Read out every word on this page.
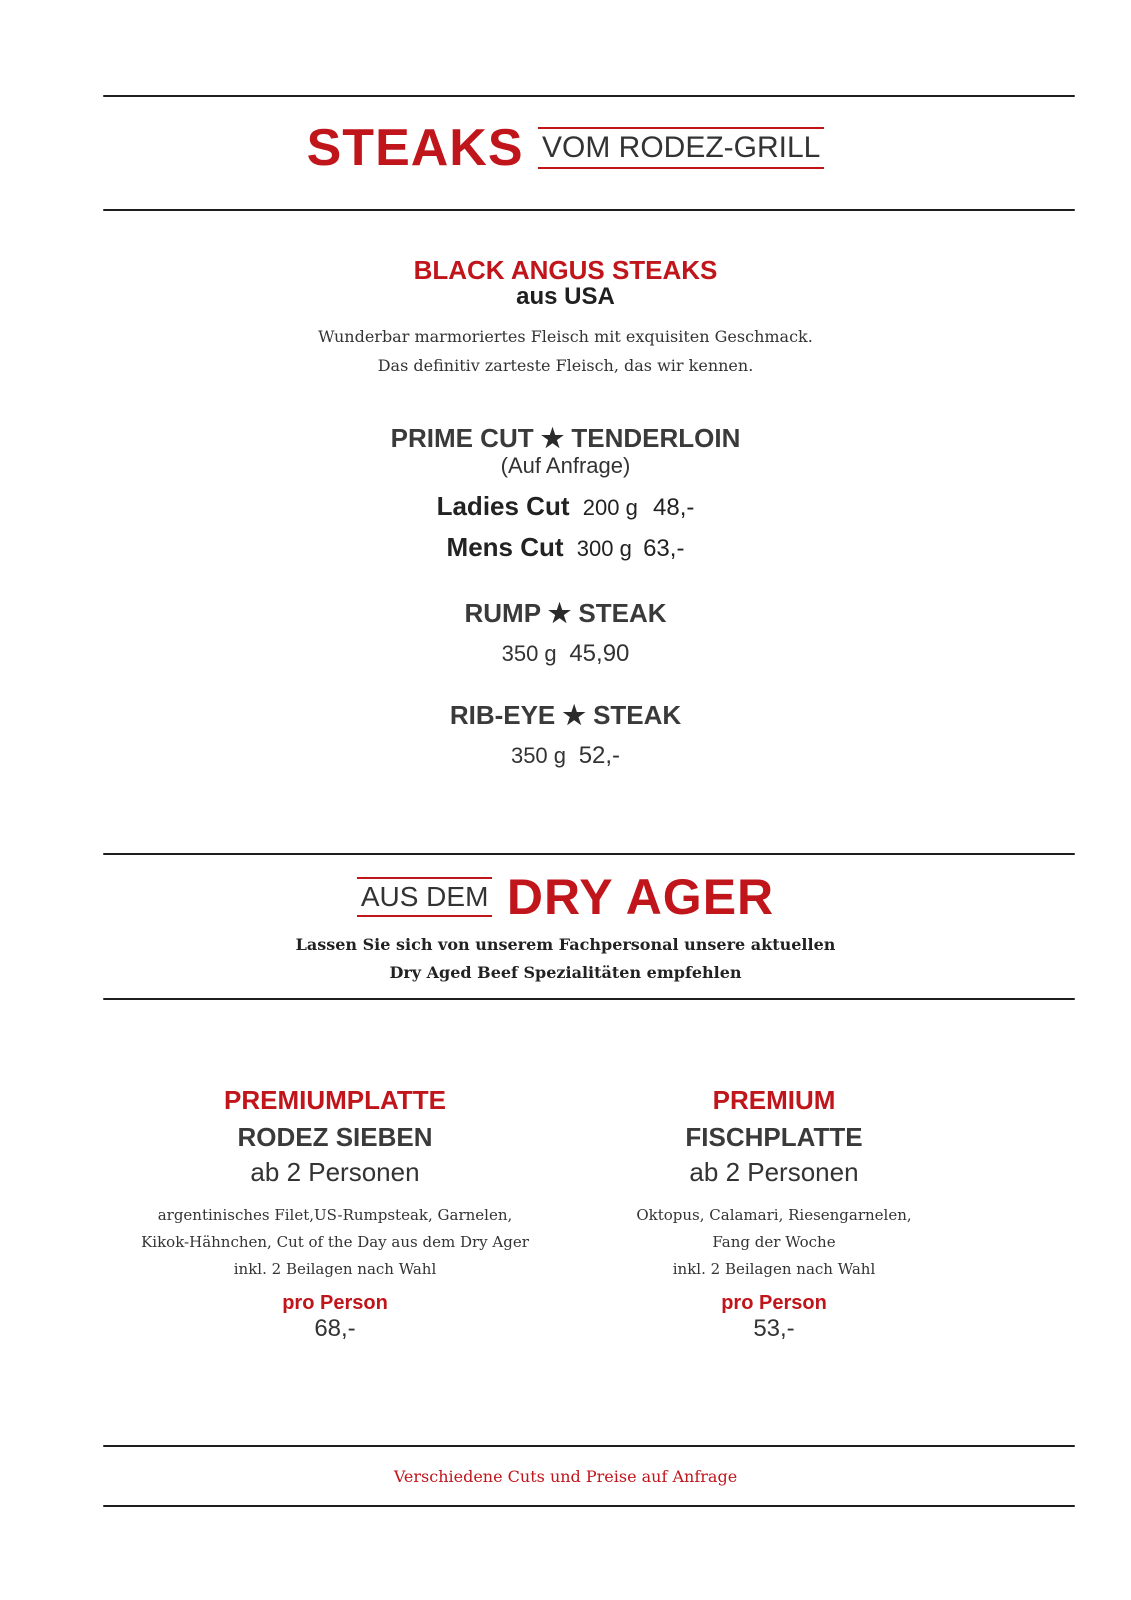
STEAKS VOM RODEZ-GRILL
BLACK ANGUS STEAKS
aus USA
Wunderbar marmoriertes Fleisch mit exquisiten Geschmack.
Das definitiv zarteste Fleisch, das wir kennen.
PRIME CUT ★ TENDERLOIN
(Auf Anfrage)
Ladies Cut 200 g 48,-
Mens Cut 300 g 63,-
RUMP ★ STEAK
350 g 45,90
RIB-EYE ★ STEAK
350 g 52,-
AUS DEM DRY AGER
Lassen Sie sich von unserem Fachpersonal unsere aktuellen
Dry Aged Beef Spezialitäten empfehlen
PREMIUMPLATTE
RODEZ SIEBEN
ab 2 Personen
argentinisches Filet,US-Rumpsteak, Garnelen,
Kikok-Hähnchen, Cut of the Day aus dem Dry Ager
inkl. 2 Beilagen nach Wahl
pro Person
68,-
PREMIUM
FISCHPLATTE
ab 2 Personen
Oktopus, Calamari, Riesengarnelen,
Fang der Woche
inkl. 2 Beilagen nach Wahl
pro Person
53,-
Verschiedene Cuts und Preise auf Anfrage
